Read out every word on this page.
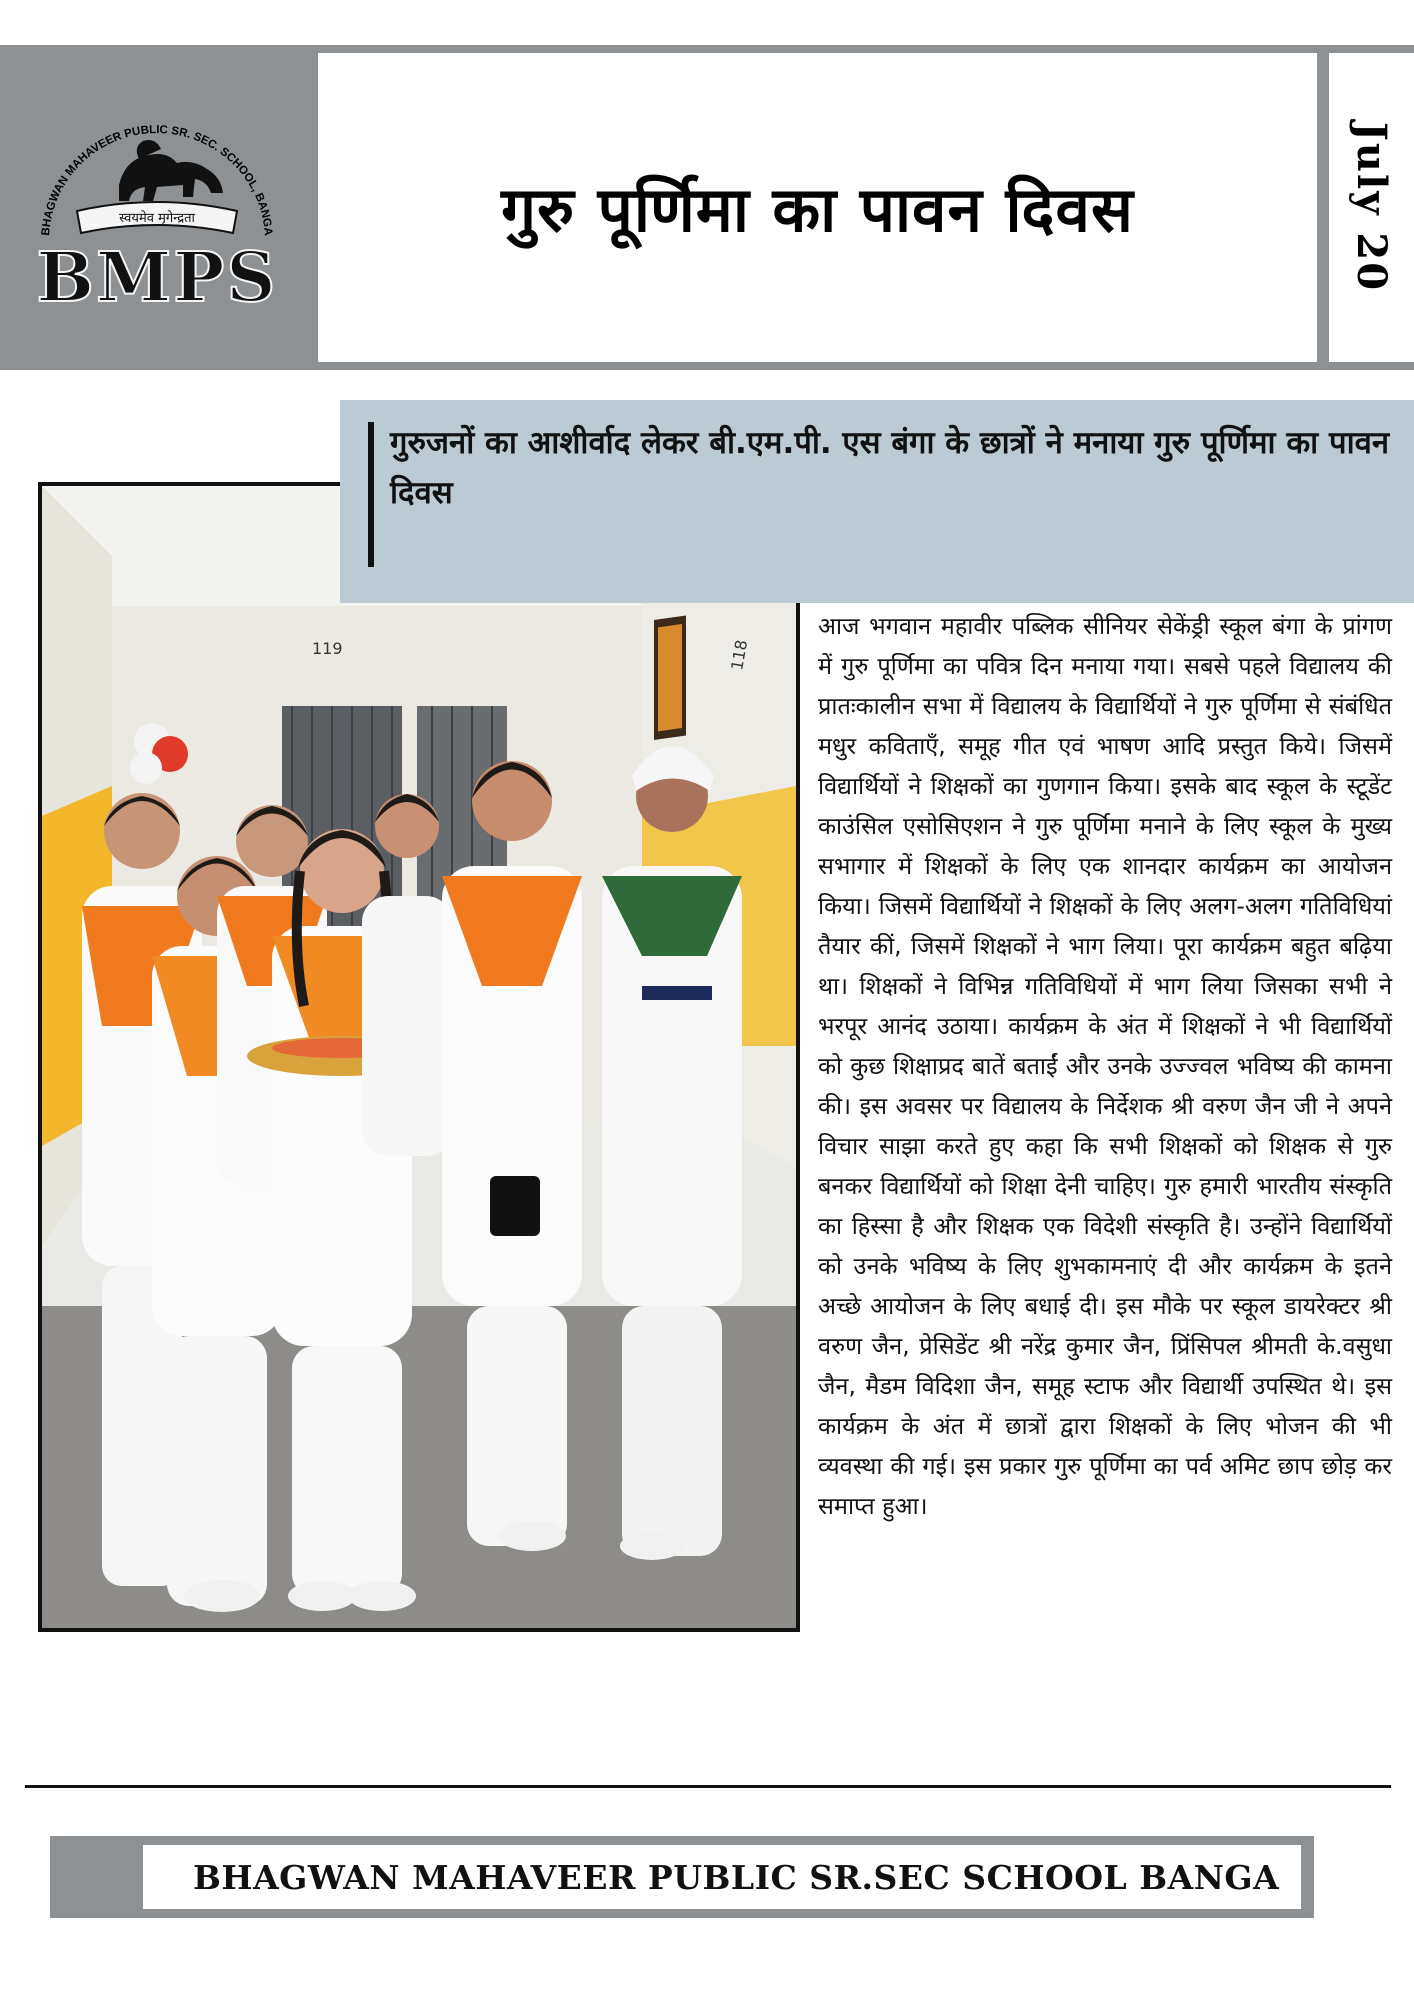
BHAGWAN MAHAVEER PUBLIC SR. SEC. SCHOOL, BANGA
स्वयमेव मृगेन्द्रता
BMPS
गुरु पूर्णिमा का पावन दिवस	July 20
119	118
गुरुजनों का आशीर्वाद लेकर बी.एम.पी. एस बंगा के छात्रों ने मनाया गुरु पूर्णिमा का पावन दिवस

आज भगवान महावीर पब्लिक सीनियर सेकेंड्री स्कूल बंगा के प्रांगण में गुरु पूर्णिमा का पवित्र दिन मनाया गया। सबसे पहले विद्यालय की प्रातःकालीन सभा में विद्यालय के विद्यार्थियों ने गुरु पूर्णिमा से संबंधित मधुर कविताएँ, समूह गीत एवं भाषण आदि प्रस्तुत किये। जिसमें विद्यार्थियों ने शिक्षकों का गुणगान किया। इसके बाद स्कूल के स्टूडेंट काउंसिल एसोसिएशन ने गुरु पूर्णिमा मनाने के लिए स्कूल के मुख्य सभागार में शिक्षकों के लिए एक शानदार कार्यक्रम का आयोजन किया। जिसमें विद्यार्थियों ने शिक्षकों के लिए अलग-अलग गतिविधियां तैयार कीं, जिसमें शिक्षकों ने भाग लिया। पूरा कार्यक्रम बहुत बढ़िया था। शिक्षकों ने विभिन्न गतिविधियों में भाग लिया जिसका सभी ने भरपूर आनंद उठाया। कार्यक्रम के अंत में शिक्षकों ने भी विद्यार्थियों को कुछ शिक्षाप्रद बातें बताईं और उनके उज्ज्वल भविष्य की कामना की। इस अवसर पर विद्यालय के निर्देशक श्री वरुण जैन जी ने अपने विचार साझा करते हुए कहा कि सभी शिक्षकों को शिक्षक से गुरु बनकर विद्यार्थियों को शिक्षा देनी चाहिए। गुरु हमारी भारतीय संस्कृति का हिस्सा है और शिक्षक एक विदेशी संस्कृति है। उन्होंने विद्यार्थियों को उनके भविष्य के लिए शुभकामनाएं दी और कार्यक्रम के इतने अच्छे आयोजन के लिए बधाई दी। इस मौके पर स्कूल डायरेक्टर श्री वरुण जैन, प्रेसिडेंट श्री नरेंद्र कुमार जैन, प्रिंसिपल श्रीमती के.वसुधा जैन, मैडम विदिशा जैन, समूह स्टाफ और विद्यार्थी उपस्थित थे। इस कार्यक्रम के अंत में छात्रों द्वारा शिक्षकों के लिए भोजन की भी व्यवस्था की गई। इस प्रकार गुरु पूर्णिमा का पर्व अमिट छाप छोड़ कर समाप्त हुआ।

BHAGWAN MAHAVEER PUBLIC SR.SEC SCHOOL BANGA
